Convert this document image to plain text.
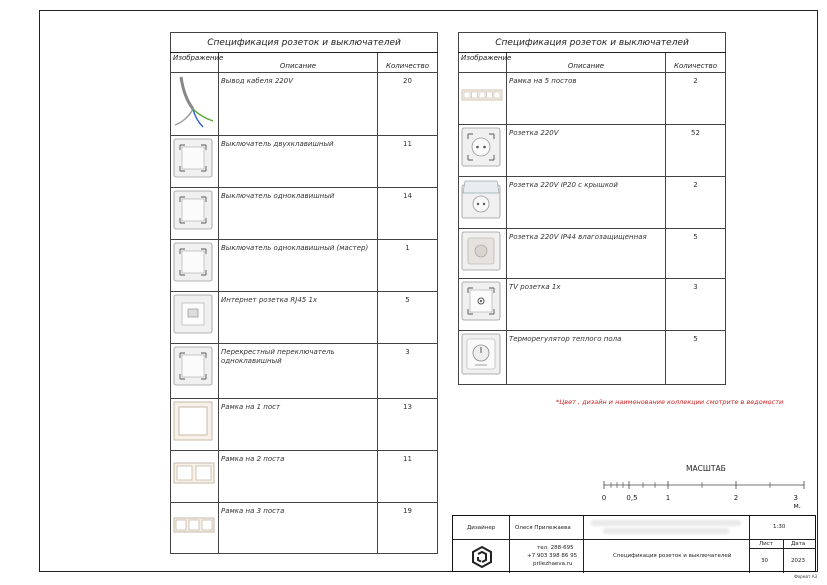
Спецификация розеток и выключателей		
Изображение	Описание	Количество
	Вывод кабеля 220V	20
	Выключатель двухклавишный	11
	Выключатель одноклавишный	14
	Выключатель одноклавишный (мастер)	1
	Интернет розетка RJ45 1x	5
	Перекрестный переключатель одноклавишный	3
	Рамка на 1 пост	13
	Рамка на 2 поста	11
	Рамка на 3 поста	19
Спецификация розеток и выключателей		
Изображение	Описание	Количество
	Рамка на 5 постов	2
	Розетка 220V	52
	Розетка 220V IP20 с крышкой	2
	Розетка 220V IP44 влагозащищенная	5
	TV розетка 1x	3
	Терморегулятор теплого пола	5
*Цвет , дизайн и наименование коллекции смотрите в ведомости
МАСШТАБ
0	0,5	1	2	3 м.
Дизайнер	Олеся Прилежаева	1:30
тел. 288-695
+7 903 398 86 95
prilezhaeva.ru
Спецификация розеток и выключателей
Лист	Дата
30	2023
Формат А3
